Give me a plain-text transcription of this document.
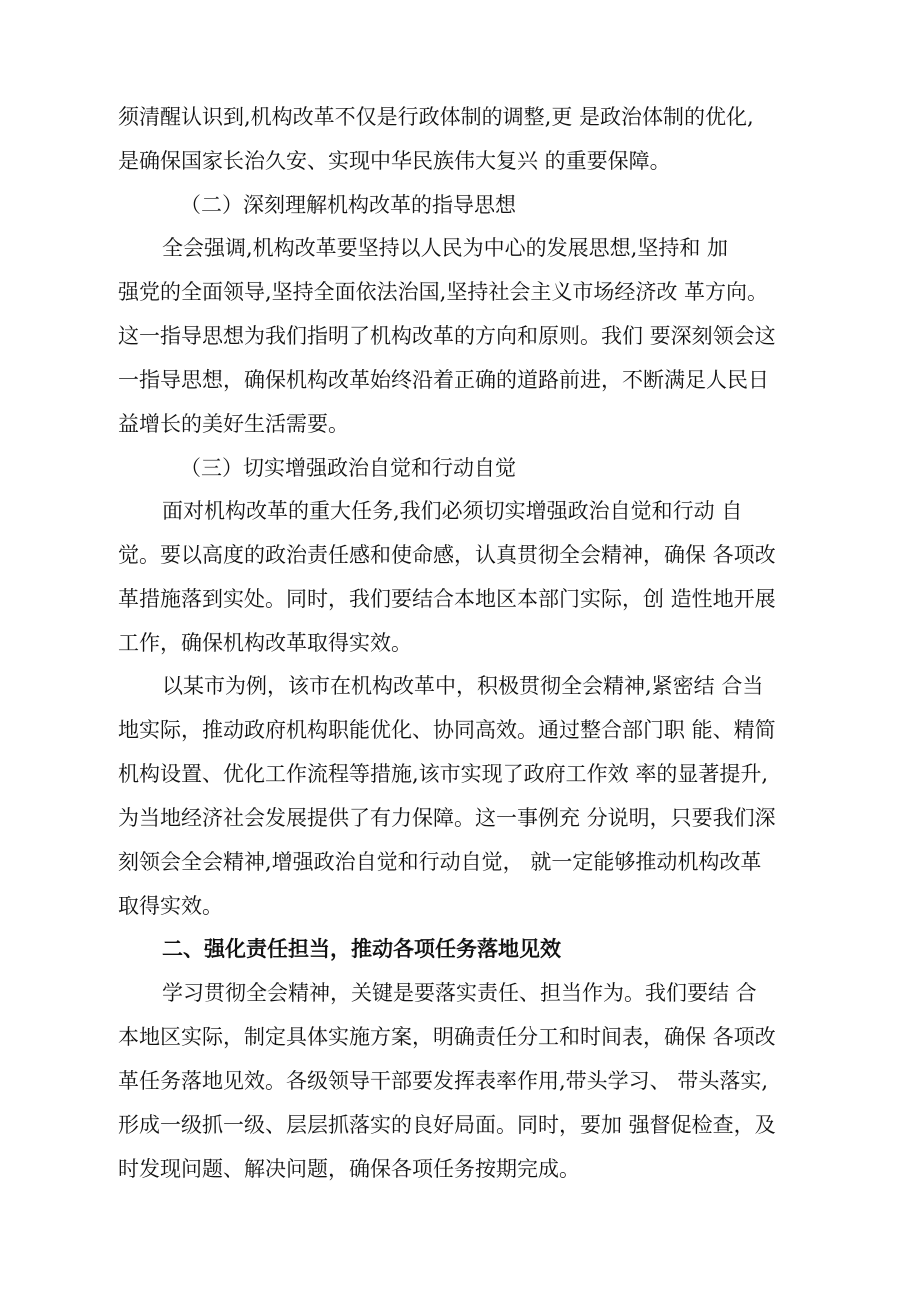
须清醒认识到,机构改革不仅是行政体制的调整,更 是政治体制的优化,
是确保国家长治久安、实现中华民族伟大复兴 的重要保障。
（二）深刻理解机构改革的指导思想
全会强调,机构改革要坚持以人民为中心的发展思想,坚持和 加
强党的全面领导,坚持全面依法治国,坚持社会主义市场经济改 革方向。
这一指导思想为我们指明了机构改革的方向和原则。我们 要深刻领会这
一指导思想，确保机构改革始终沿着正确的道路前进，不断满足人民日
益增长的美好生活需要。
（三）切实增强政治自觉和行动自觉
面对机构改革的重大任务,我们必须切实增强政治自觉和行动 自
觉。要以高度的政治责任感和使命感，认真贯彻全会精神，确保 各项改
革措施落到实处。同时，我们要结合本地区本部门实际，创 造性地开展
工作，确保机构改革取得实效。
以某市为例，该市在机构改革中，积极贯彻全会精神,紧密结 合当
地实际，推动政府机构职能优化、协同高效。通过整合部门职 能、精简
机构设置、优化工作流程等措施,该市实现了政府工作效 率的显著提升,
为当地经济社会发展提供了有力保障。这一事例充 分说明，只要我们深
刻领会全会精神,增强政治自觉和行动自觉， 就一定能够推动机构改革
取得实效。
二、强化责任担当，推动各项任务落地见效
学习贯彻全会精神，关键是要落实责任、担当作为。我们要结 合
本地区实际，制定具体实施方案，明确责任分工和时间表，确保 各项改
革任务落地见效。各级领导干部要发挥表率作用,带头学习、 带头落实,
形成一级抓一级、层层抓落实的良好局面。同时，要加 强督促检查，及
时发现问题、解决问题，确保各项任务按期完成。
